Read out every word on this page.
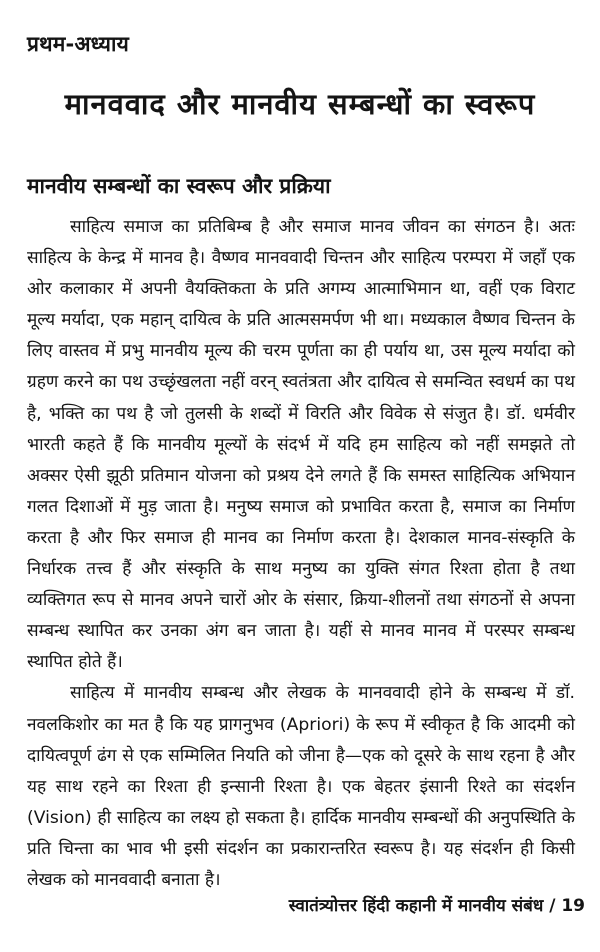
प्रथम-अध्याय
मानववाद और मानवीय सम्बन्धों का स्वरूप
मानवीय सम्बन्धों का स्वरूप और प्रक्रिया

साहित्य समाज का प्रतिबिम्ब है और समाज मानव जीवन का संगठन है। अतः साहित्य के केन्द्र में मानव है। वैष्णव मानववादी चिन्तन और साहित्य परम्परा में जहाँ एक ओर कलाकार में अपनी वैयक्तिकता के प्रति अगम्य आत्माभिमान था, वहीं एक विराट मूल्य मर्यादा, एक महान् दायित्व के प्रति आत्मसमर्पण भी था। मध्यकाल वैष्णव चिन्तन के लिए वास्तव में प्रभु मानवीय मूल्य की चरम पूर्णता का ही पर्याय था, उस मूल्य मर्यादा को ग्रहण करने का पथ उच्छृंखलता नहीं वरन् स्वतंत्रता और दायित्व से समन्वित स्वधर्म का पथ है, भक्ति का पथ है जो तुलसी के शब्दों में विरति और विवेक से संजुत है। डॉ. धर्मवीर भारती कहते हैं कि मानवीय मूल्यों के संदर्भ में यदि हम साहित्य को नहीं समझते तो अक्सर ऐसी झूठी प्रतिमान योजना को प्रश्रय देने लगते हैं कि समस्त साहित्यिक अभियान गलत दिशाओं में मुड़ जाता है। मनुष्य समाज को प्रभावित करता है, समाज का निर्माण करता है और फिर समाज ही मानव का निर्माण करता है। देशकाल मानव-संस्कृति के निर्धारक तत्त्व हैं और संस्कृति के साथ मनुष्य का युक्ति संगत रिश्ता होता है तथा व्यक्तिगत रूप से मानव अपने चारों ओर के संसार, क्रिया-शीलनों तथा संगठनों से अपना सम्बन्ध स्थापित कर उनका अंग बन जाता है। यहीं से मानव मानव में परस्पर सम्बन्ध स्थापित होते हैं।

साहित्य में मानवीय सम्बन्ध और लेखक के मानववादी होने के सम्बन्ध में डॉ. नवलकिशोर का मत है कि यह प्रागनुभव (Apriori) के रूप में स्वीकृत है कि आदमी को दायित्वपूर्ण ढंग से एक सम्मिलित नियति को जीना है—एक को दूसरे के साथ रहना है और यह साथ रहने का रिश्ता ही इन्सानी रिश्ता है। एक बेहतर इंसानी रिश्ते का संदर्शन (Vision) ही साहित्य का लक्ष्य हो सकता है। हार्दिक मानवीय सम्बन्धों की अनुपस्थिति के प्रति चिन्ता का भाव भी इसी संदर्शन का प्रकारान्तरित स्वरूप है। यह संदर्शन ही किसी लेखक को मानववादी बनाता है।

स्वातंत्र्योत्तर हिंदी कहानी में मानवीय संबंध / 19
